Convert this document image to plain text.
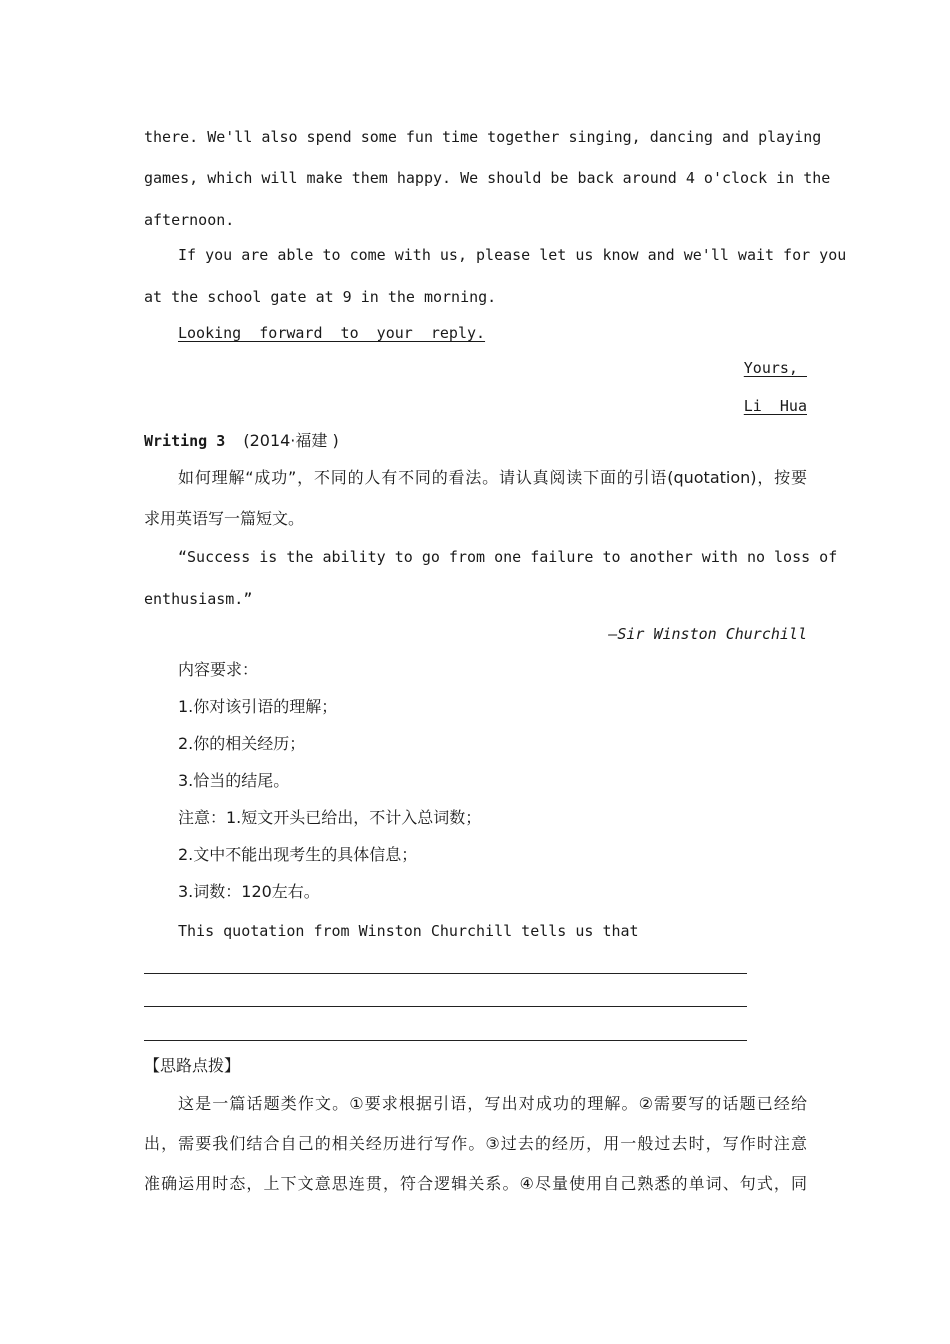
there. We'll also spend some fun time together singing, dancing and playing
games, which will make them happy. We should be back around 4 o'clock in the
afternoon.
If you are able to come with us, please let us know and we'll wait for you
at the school gate at 9 in the morning.
Looking  forward  to  your  reply.
Yours,
Li  Hua
Writing 3 (2014·福建 )
如何理解“成功”，不同的人有不同的看法。请认真阅读下面的引语(quotation)，按要
求用英语写一篇短文。
“Success is the ability to go from one failure to another with no loss of
enthusiasm.”
—Sir Winston Churchill
内容要求：
1.你对该引语的理解；
2.你的相关经历；
3.恰当的结尾。
注意：1.短文开头已给出，不计入总词数；
2.文中不能出现考生的具体信息；
3.词数：120左右。
This quotation from Winston Churchill tells us that
【思路点拨】
这是一篇话题类作文。①要求根据引语，写出对成功的理解。②需要写的话题已经给
出，需要我们结合自己的相关经历进行写作。③过去的经历，用一般过去时，写作时注意
准确运用时态，上下文意思连贯，符合逻辑关系。④尽量使用自己熟悉的单词、句式，同
